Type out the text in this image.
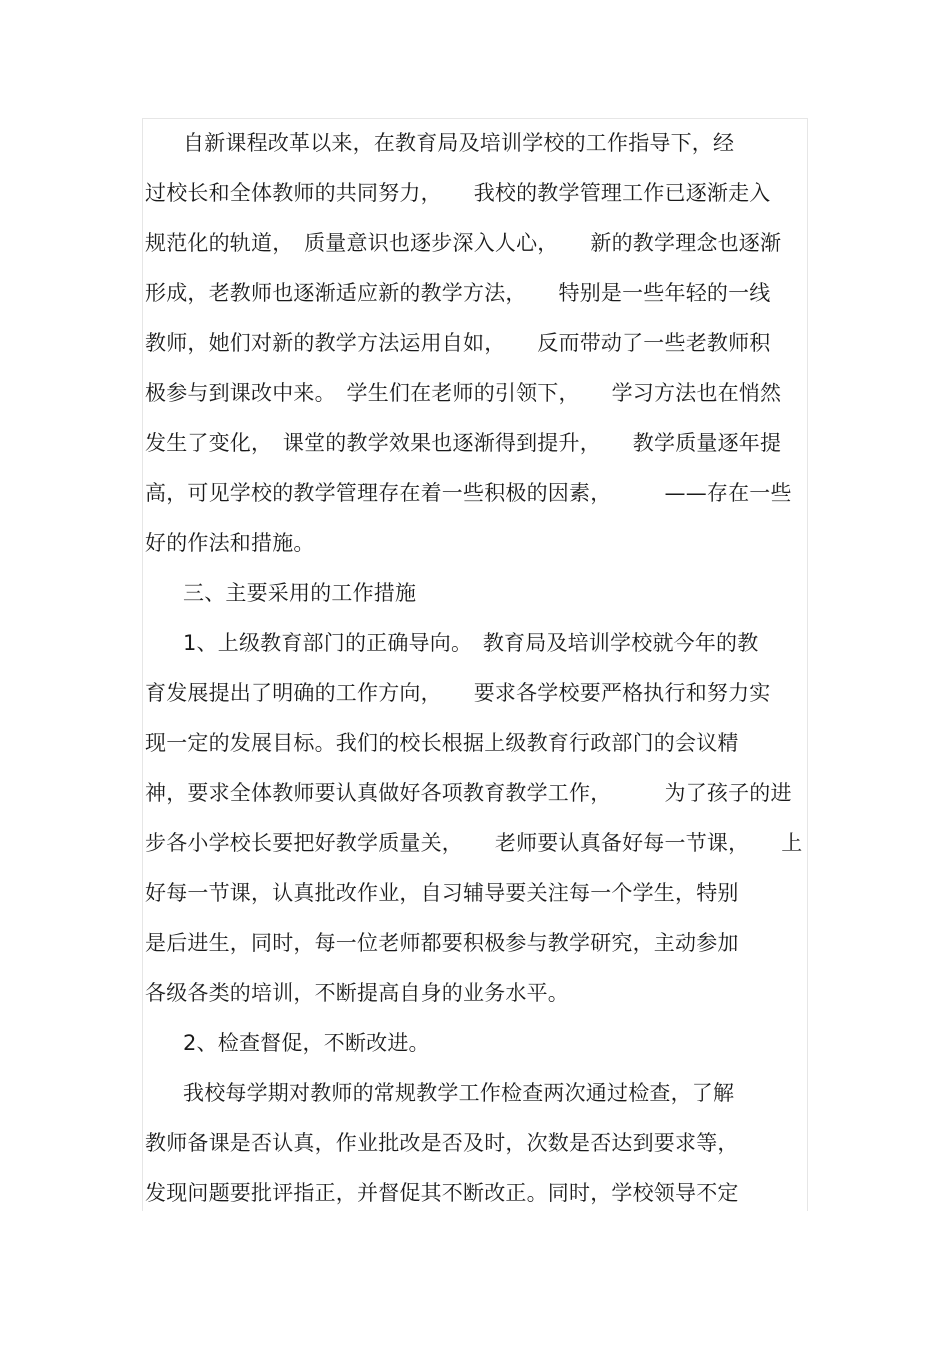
自新课程改革以来，在教育局及培训学校的工作指导下，经
过校长和全体教师的共同努力，　　我校的教学管理工作已逐渐走入
规范化的轨道，　质量意识也逐步深入人心，　　新的教学理念也逐渐
形成，老教师也逐渐适应新的教学方法，　　特别是一些年轻的一线
教师，她们对新的教学方法运用自如，　　反而带动了一些老教师积
极参与到课改中来。　学生们在老师的引领下，　　学习方法也在悄然
发生了变化，　课堂的教学效果也逐渐得到提升，　　教学质量逐年提
高，可见学校的教学管理存在着一些积极的因素，　　　——存在一些
好的作法和措施。
三、主要采用的工作措施
1、上级教育部门的正确导向。　教育局及培训学校就今年的教
育发展提出了明确的工作方向，　　要求各学校要严格执行和努力实
现一定的发展目标。我们的校长根据上级教育行政部门的会议精
神，要求全体教师要认真做好各项教育教学工作，　　　为了孩子的进
步各小学校长要把好教学质量关，　　老师要认真备好每一节课，　　上
好每一节课，认真批改作业，自习辅导要关注每一个学生，特别
是后进生，同时，每一位老师都要积极参与教学研究，主动参加
各级各类的培训，不断提高自身的业务水平。
2、检查督促，不断改进。
我校每学期对教师的常规教学工作检查两次通过检查，了解
教师备课是否认真，作业批改是否及时，次数是否达到要求等，
发现问题要批评指正，并督促其不断改正。同时，学校领导不定
